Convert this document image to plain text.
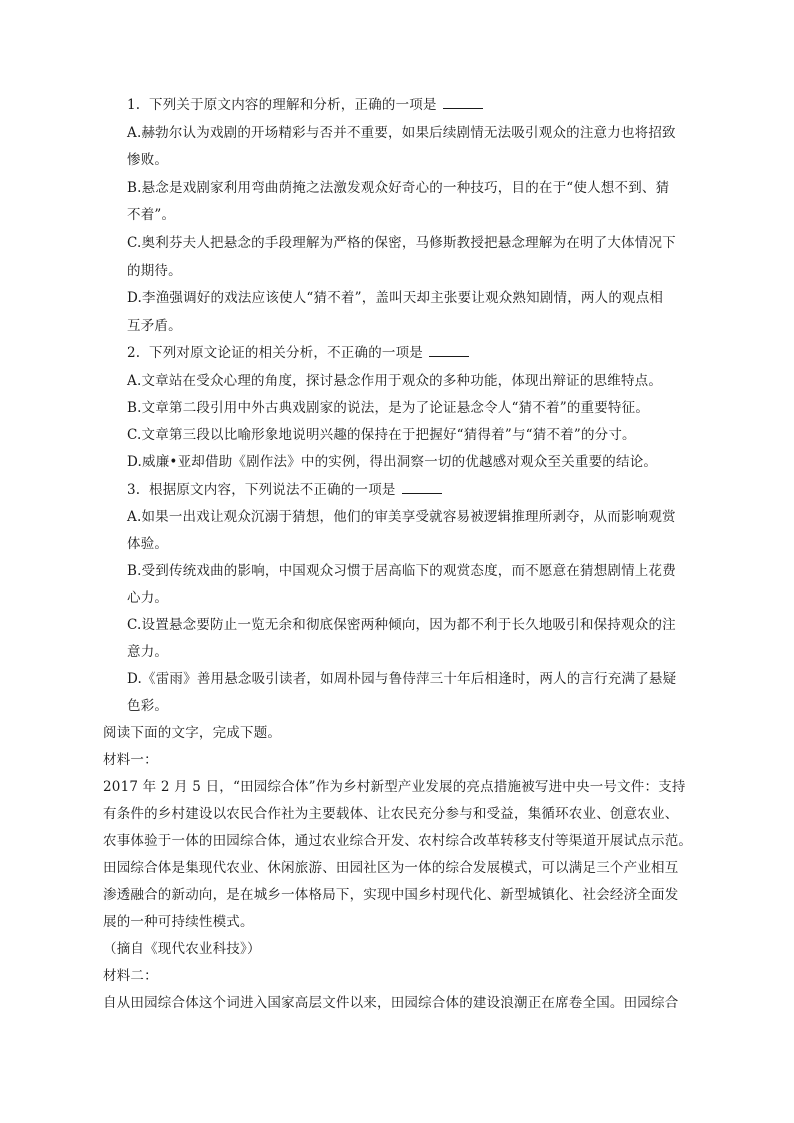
1. 下列关于原文内容的理解和分析，正确的一项是
A.赫勃尔认为戏剧的开场精彩与否并不重要，如果后续剧情无法吸引观众的注意力也将招致
惨败。
B.悬念是戏剧家利用弯曲荫掩之法激发观众好奇心的一种技巧，目的在于“使人想不到、猜
不着”。
C.奥利芬夫人把悬念的手段理解为严格的保密，马修斯教授把悬念理解为在明了大体情况下
的期待。
D.李渔强调好的戏法应该使人“猜不着”，盖叫天却主张要让观众熟知剧情，两人的观点相
互矛盾。
2. 下列对原文论证的相关分析，不正确的一项是
A.文章站在受众心理的角度，探讨悬念作用于观众的多种功能，体现出辩证的思维特点。
B.文章第二段引用中外古典戏剧家的说法，是为了论证悬念令人“猜不着”的重要特征。
C.文章第三段以比喻形象地说明兴趣的保持在于把握好“猜得着”与“猜不着”的分寸。
D.威廉•亚却借助《剧作法》中的实例，得出洞察一切的优越感对观众至关重要的结论。
3. 根据原文内容，下列说法不正确的一项是
A.如果一出戏让观众沉溺于猜想，他们的审美享受就容易被逻辑推理所剥夺，从而影响观赏
体验。
B.受到传统戏曲的影响，中国观众习惯于居高临下的观赏态度，而不愿意在猜想剧情上花费
心力。
C.设置悬念要防止一览无余和彻底保密两种倾向，因为都不利于长久地吸引和保持观众的注
意力。
D.《雷雨》善用悬念吸引读者，如周朴园与鲁侍萍三十年后相逢时，两人的言行充满了悬疑
色彩。
阅读下面的文字，完成下题。
材料一：
2017 年 2 月 5 日，“田园综合体”作为乡村新型产业发展的亮点措施被写进中央一号文件：支持
有条件的乡村建设以农民合作社为主要载体、让农民充分参与和受益，集循环农业、创意农业、
农事体验于一体的田园综合体，通过农业综合开发、农村综合改革转移支付等渠道开展试点示范。
田园综合体是集现代农业、休闲旅游、田园社区为一体的综合发展模式，可以满足三个产业相互
渗透融合的新动向，是在城乡一体格局下，实现中国乡村现代化、新型城镇化、社会经济全面发
展的一种可持续性模式。
（摘自《现代农业科技》）
材料二：
自从田园综合体这个词进入国家高层文件以来，田园综合体的建设浪潮正在席卷全国。田园综合
